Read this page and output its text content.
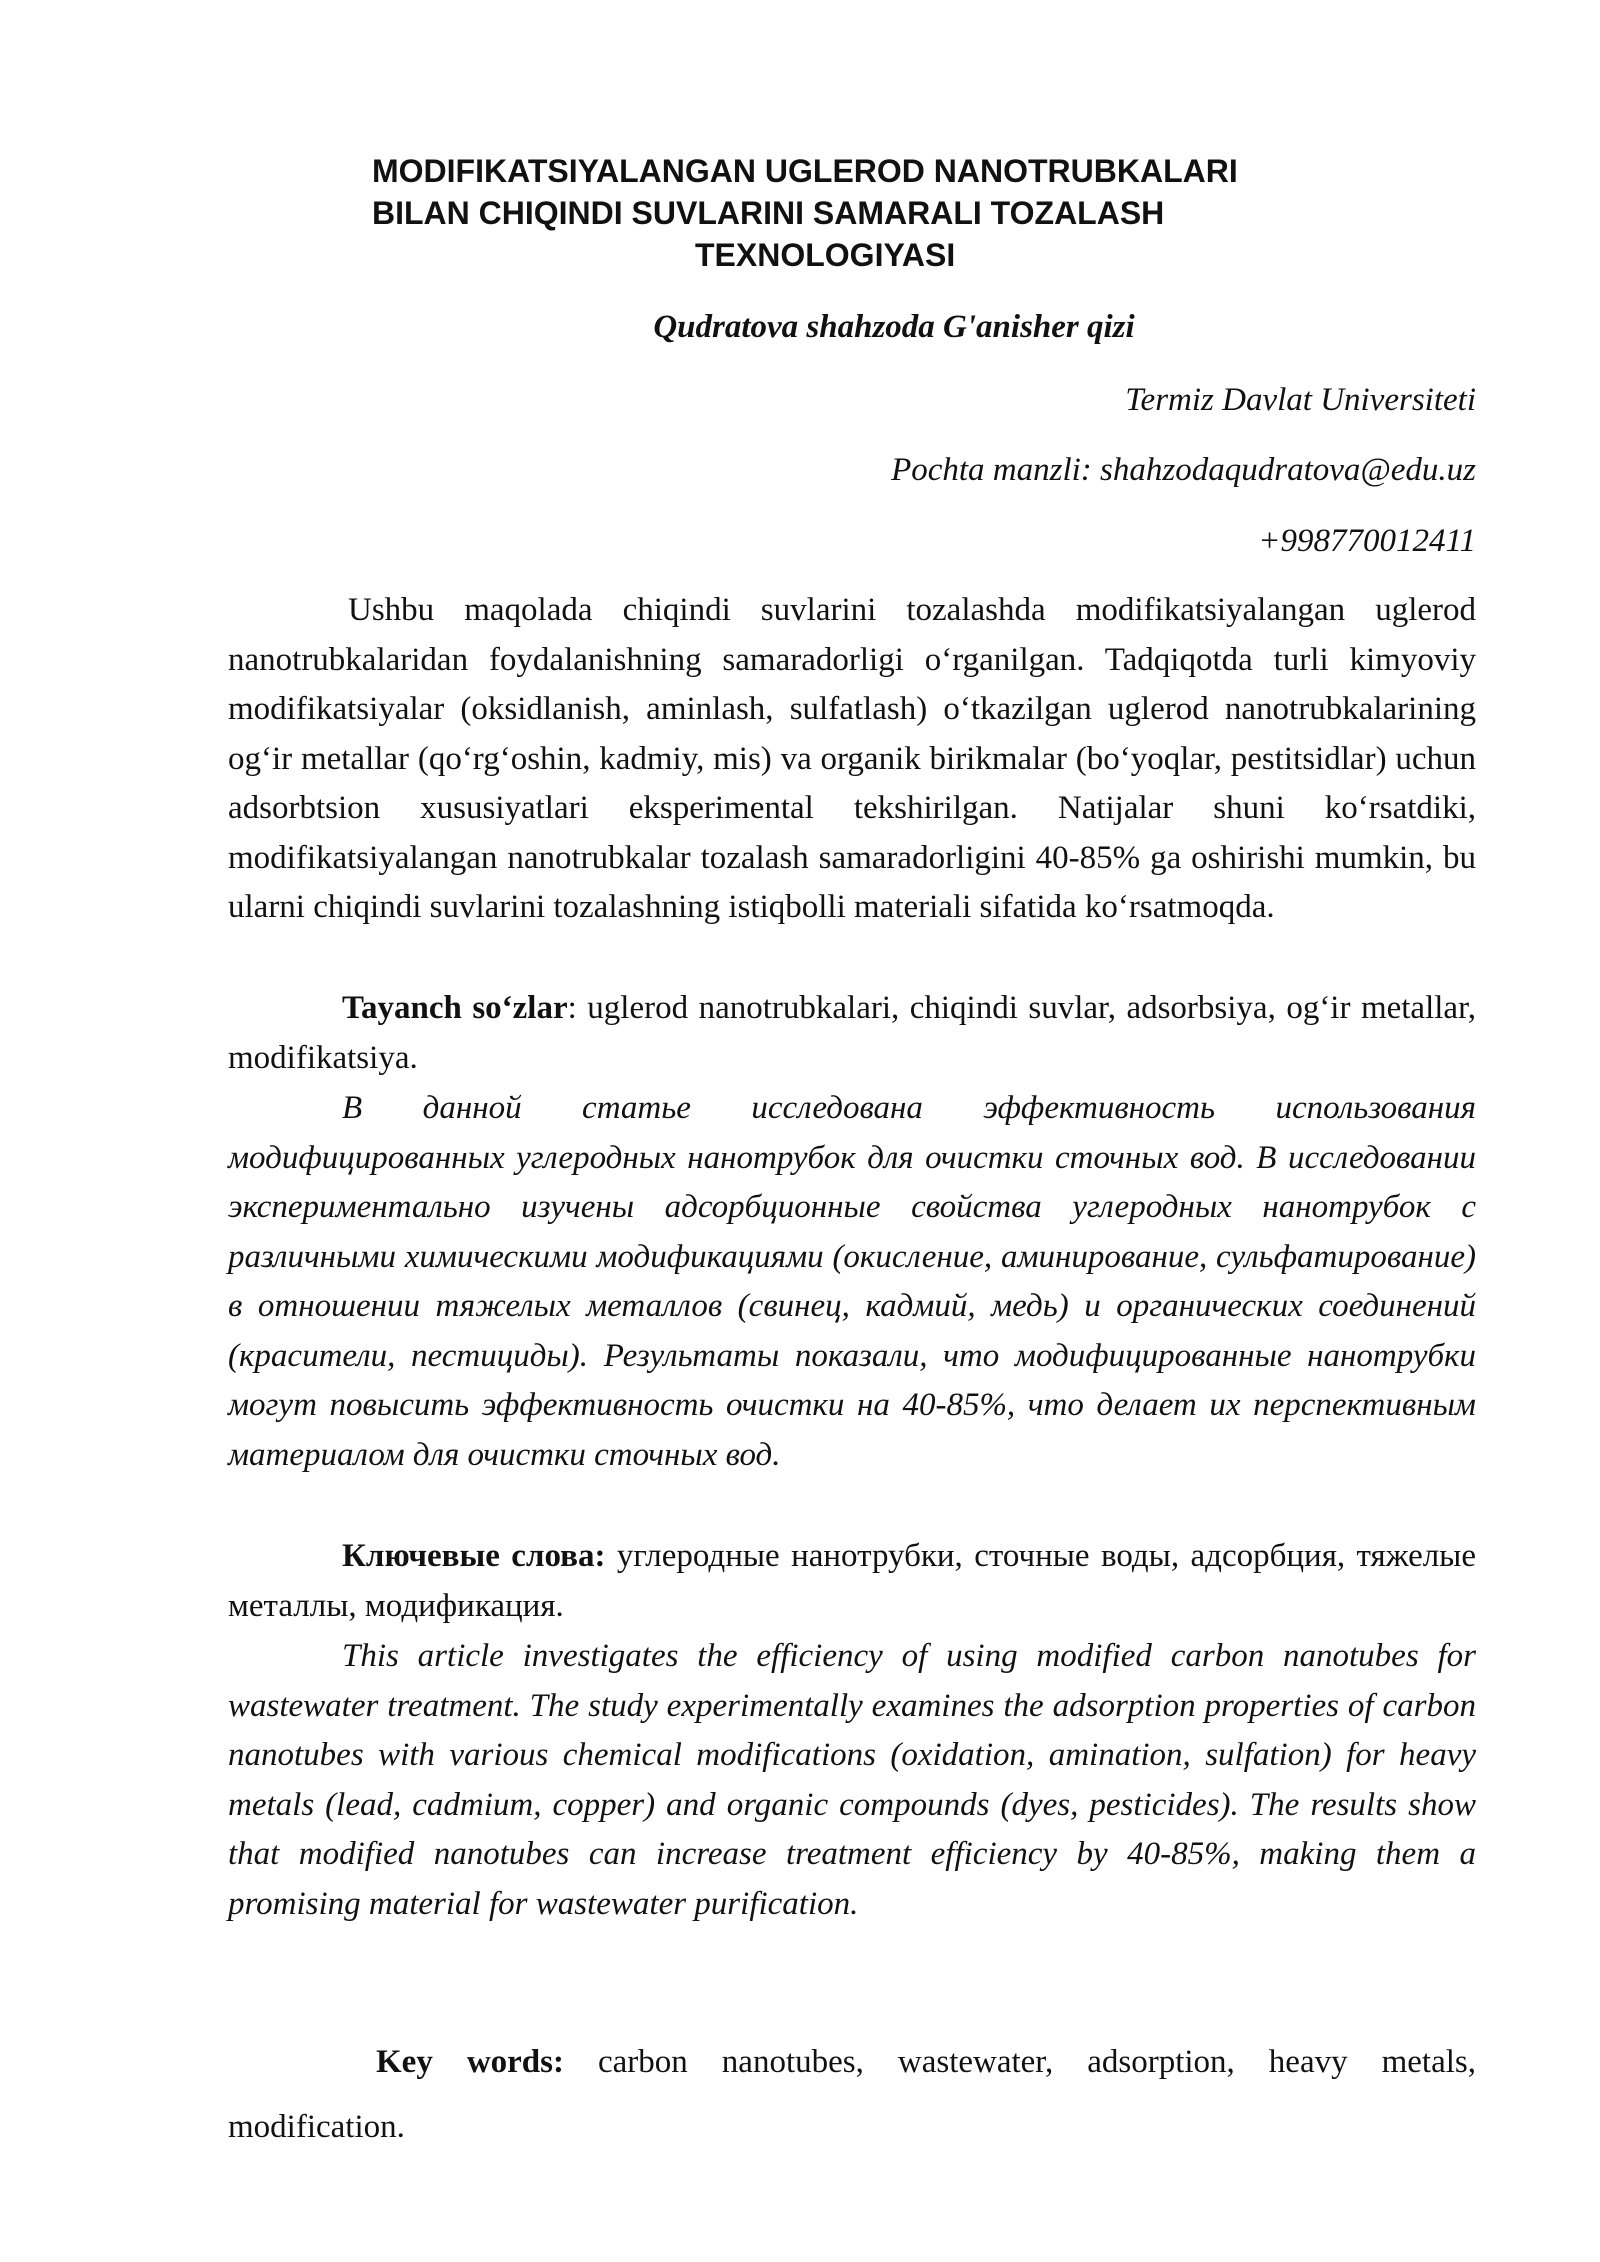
MODIFIKATSIYALANGAN UGLEROD NANOTRUBKALARI
BILAN CHIQINDI SUVLARINI SAMARALI TOZALASH
TEXNOLOGIYASI
Qudratova shahzoda G'anisher qizi
Termiz Davlat Universiteti
Pochta manzli: shahzodaqudratova@edu.uz
+998770012411

Ushbu maqolada chiqindi suvlarini tozalashda modifikatsiyalangan uglerod nanotrubkalaridan foydalanishning samaradorligi o‘rganilgan. Tadqiqotda turli kimyoviy modifikatsiyalar (oksidlanish, aminlash, sulfatlash) o‘tkazilgan uglerod nanotrubkalarining og‘ir metallar (qo‘rg‘oshin, kadmiy, mis) va organik birikmalar (bo‘yoqlar, pestitsidlar) uchun adsorbtsion xususiyatlari eksperimental tekshirilgan. Natijalar shuni ko‘rsatdiki, modifikatsiyalangan nanotrubkalar tozalash samaradorligini 40-85% ga oshirishi mumkin, bu ularni chiqindi suvlarini tozalashning istiqbolli materiali sifatida ko‘rsatmoqda.

Tayanch so‘zlar: uglerod nanotrubkalari, chiqindi suvlar, adsorbsiya, og‘ir metallar, modifikatsiya.

В данной статье исследована эффективность использования модифицированных углеродных нанотрубок для очистки сточных вод. В исследовании экспериментально изучены адсорбционные свойства углеродных нанотрубок с различными химическими модификациями (окисление, аминирование, сульфатирование) в отношении тяжелых металлов (свинец, кадмий, медь) и органических соединений (красители, пестициды). Результаты показали, что модифицированные нанотрубки могут повысить эффективность очистки на 40-85%, что делает их перспективным материалом для очистки сточных вод.

Ключевые слова: углеродные нанотрубки, сточные воды, адсорбция, тяжелые металлы, модификация.

This article investigates the efficiency of using modified carbon nanotubes for wastewater treatment. The study experimentally examines the adsorption properties of carbon nanotubes with various chemical modifications (oxidation, amination, sulfation) for heavy metals (lead, cadmium, copper) and organic compounds (dyes, pesticides). The results show that modified nanotubes can increase treatment efficiency by 40-85%, making them a promising material for wastewater purification.

Key words: carbon nanotubes, wastewater, adsorption, heavy metals, modification.
